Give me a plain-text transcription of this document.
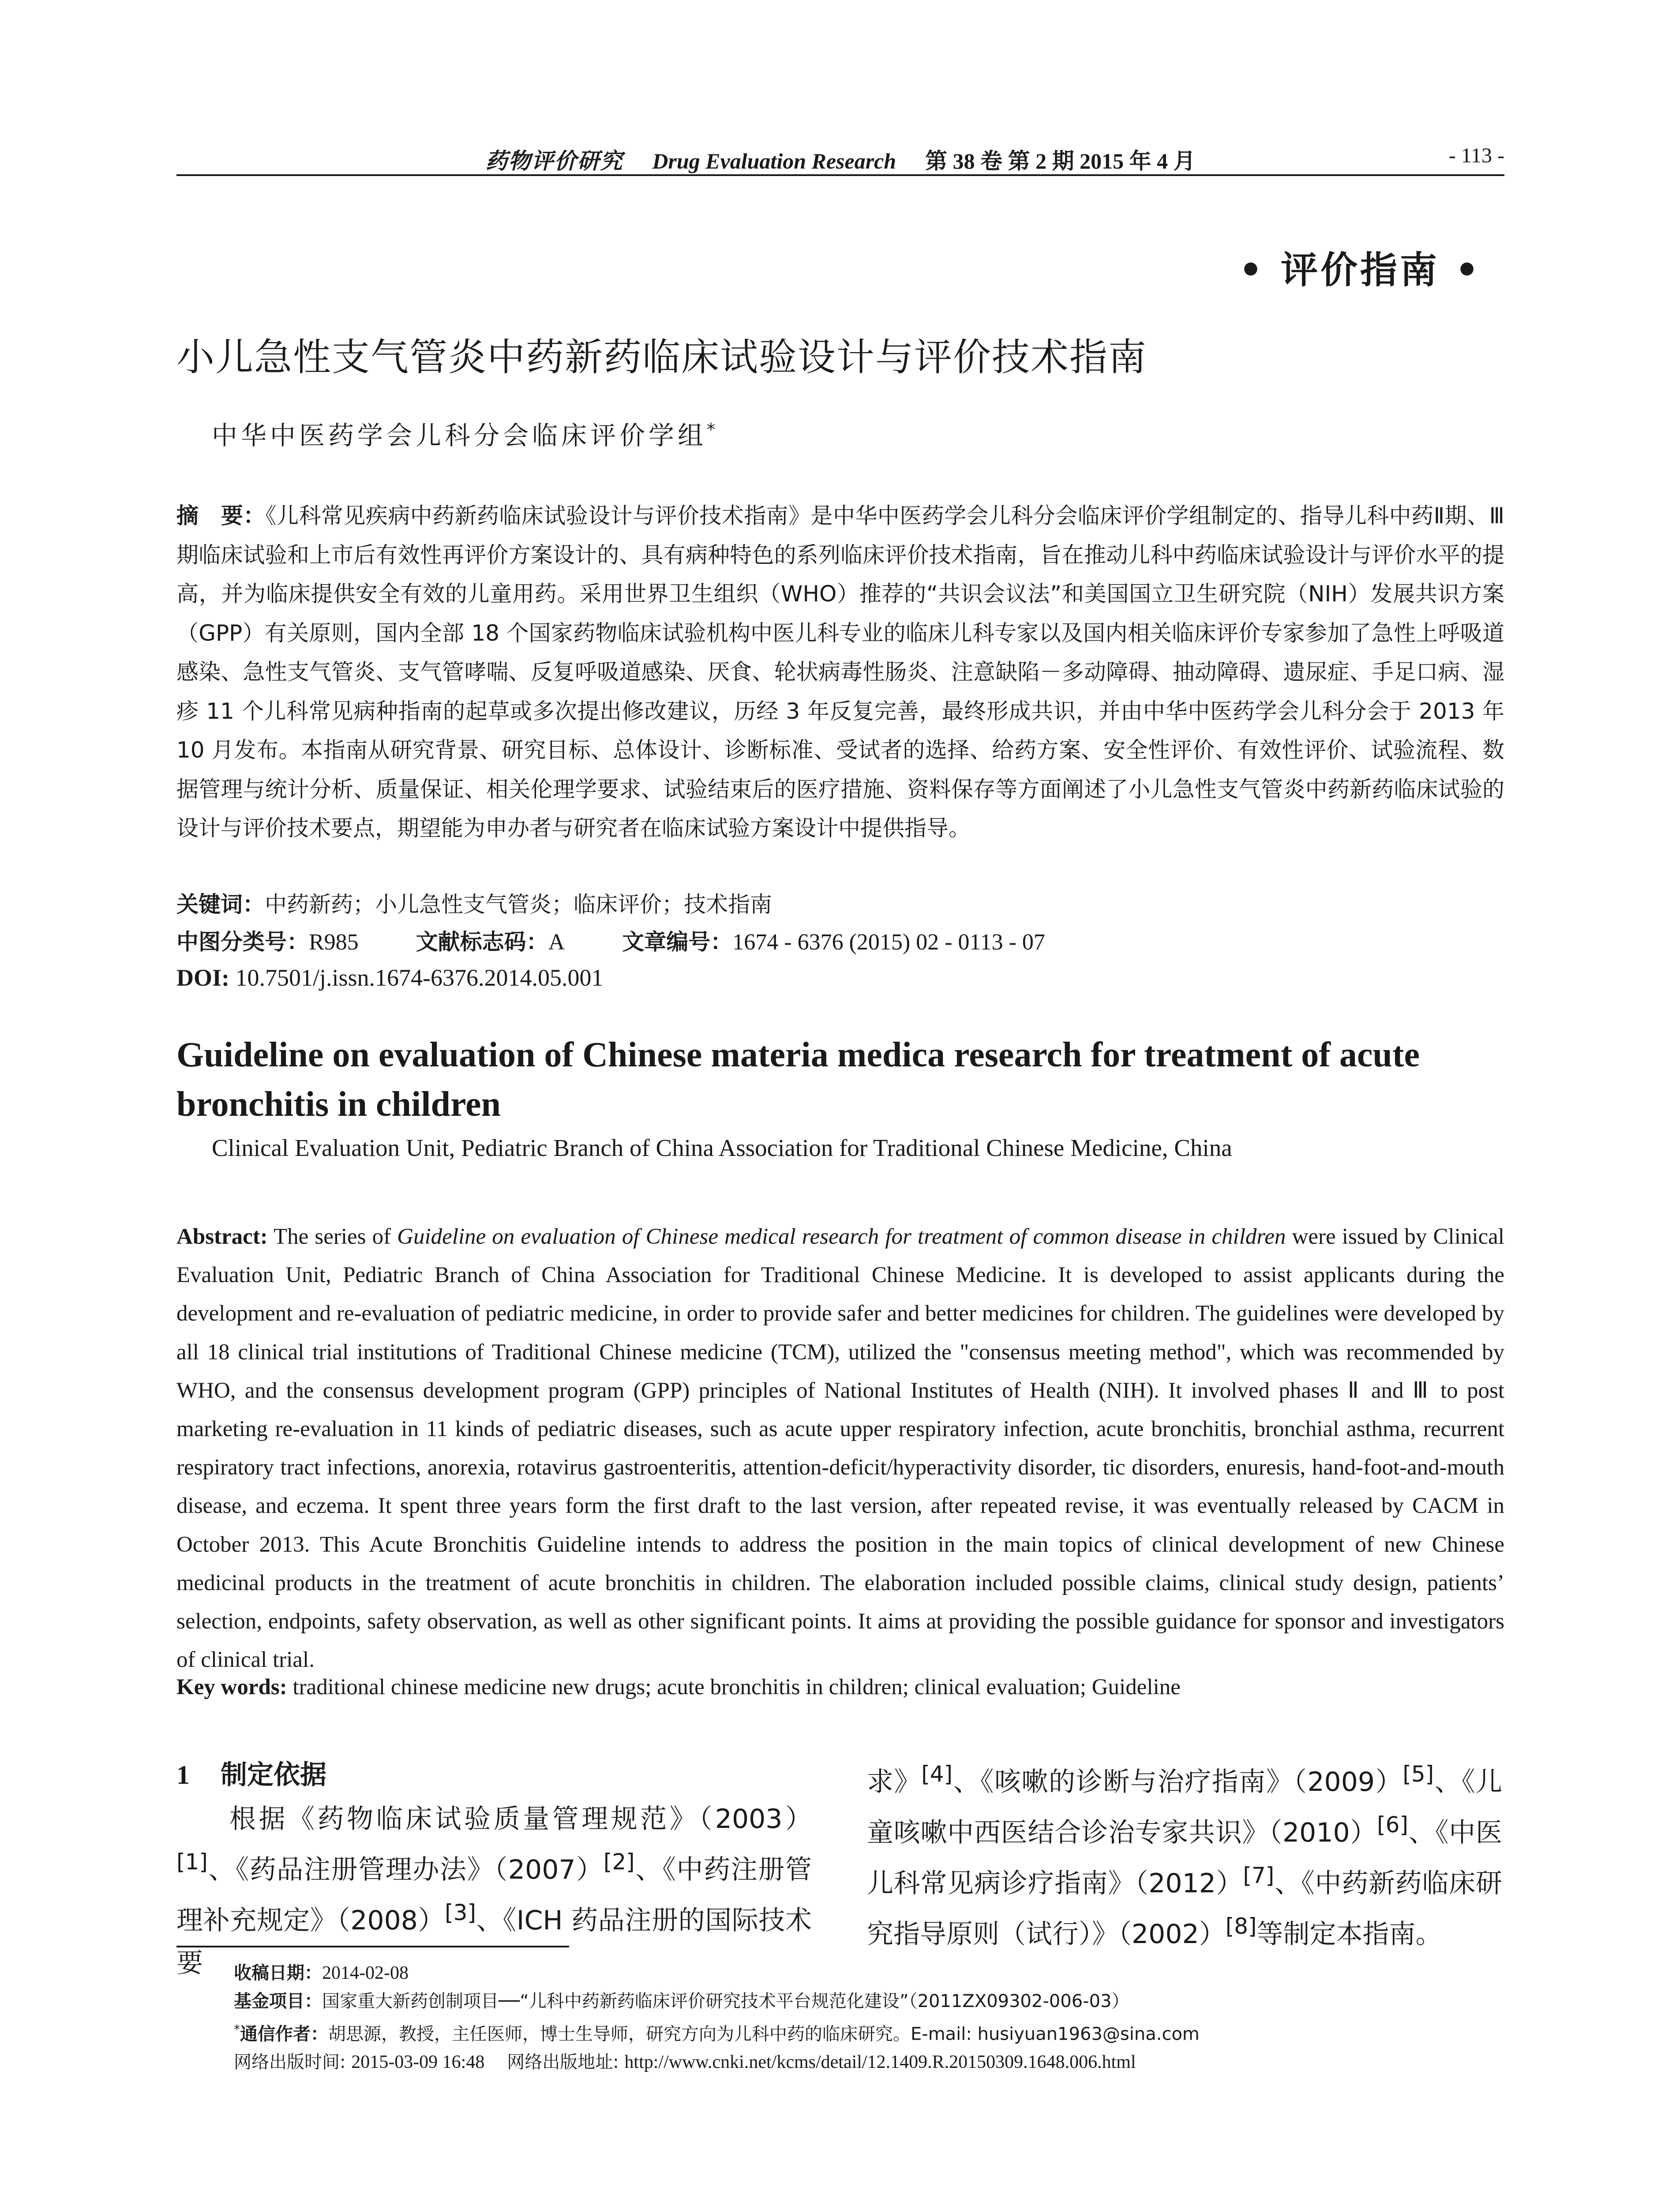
药物评价研究 Drug Evaluation Research 第 38 卷 第 2 期 2015 年 4 月	- 113 -
• 评价指南 •
小儿急性支气管炎中药新药临床试验设计与评价技术指南
中华中医药学会儿科分会临床评价学组*
摘　要：《儿科常见疾病中药新药临床试验设计与评价技术指南》是中华中医药学会儿科分会临床评价学组制定的、指导儿科中药Ⅱ期、Ⅲ期临床试验和上市后有效性再评价方案设计的、具有病种特色的系列临床评价技术指南，旨在推动儿科中药临床试验设计与评价水平的提高，并为临床提供安全有效的儿童用药。采用世界卫生组织（WHO）推荐的“共识会议法”和美国国立卫生研究院（NIH）发展共识方案（GPP）有关原则，国内全部 18 个国家药物临床试验机构中医儿科专业的临床儿科专家以及国内相关临床评价专家参加了急性上呼吸道感染、急性支气管炎、支气管哮喘、反复呼吸道感染、厌食、轮状病毒性肠炎、注意缺陷－多动障碍、抽动障碍、遗尿症、手足口病、湿疹 11 个儿科常见病种指南的起草或多次提出修改建议，历经 3 年反复完善，最终形成共识，并由中华中医药学会儿科分会于 2013 年 10 月发布。本指南从研究背景、研究目标、总体设计、诊断标准、受试者的选择、给药方案、安全性评价、有效性评价、试验流程、数据管理与统计分析、质量保证、相关伦理学要求、试验结束后的医疗措施、资料保存等方面阐述了小儿急性支气管炎中药新药临床试验的设计与评价技术要点，期望能为申办者与研究者在临床试验方案设计中提供指导。
关键词：中药新药；小儿急性支气管炎；临床评价；技术指南
中图分类号：R985	文献标志码：A	文章编号：1674 - 6376 (2015) 02 - 0113 - 07
DOI: 10.7501/j.issn.1674-6376.2014.05.001
Guideline on evaluation of Chinese materia medica research for treatment of acute bronchitis in children
Clinical Evaluation Unit, Pediatric Branch of China Association for Traditional Chinese Medicine, China
Abstract: The series of Guideline on evaluation of Chinese medical research for treatment of common disease in children were issued by Clinical Evaluation Unit, Pediatric Branch of China Association for Traditional Chinese Medicine. It is developed to assist applicants during the development and re-evaluation of pediatric medicine, in order to provide safer and better medicines for children. The guidelines were developed by all 18 clinical trial institutions of Traditional Chinese medicine (TCM), utilized the "consensus meeting method", which was recommended by WHO, and the consensus development program (GPP) principles of National Institutes of Health (NIH). It involved phases Ⅱ and Ⅲ to post marketing re-evaluation in 11 kinds of pediatric diseases, such as acute upper respiratory infection, acute bronchitis, bronchial asthma, recurrent respiratory tract infections, anorexia, rotavirus gastroenteritis, attention-deficit/hyperactivity disorder, tic disorders, enuresis, hand-foot-and-mouth disease, and eczema. It spent three years form the first draft to the last version, after repeated revise, it was eventually released by CACM in October 2013. This Acute Bronchitis Guideline intends to address the position in the main topics of clinical development of new Chinese medicinal products in the treatment of acute bronchitis in children. The elaboration included possible claims, clinical study design, patients’ selection, endpoints, safety observation, as well as other significant points. It aims at providing the possible guidance for sponsor and investigators of clinical trial.
Key words: traditional chinese medicine new drugs; acute bronchitis in children; clinical evaluation; Guideline
1 制定依据
根据《药物临床试验质量管理规范》（2003）[1]、《药品注册管理办法》（2007）[2]、《中药注册管理补充规定》（2008）[3]、《ICH 药品注册的国际技术要
求》[4]、《咳嗽的诊断与治疗指南》（2009）[5]、《儿童咳嗽中西医结合诊治专家共识》（2010）[6]、《中医儿科常见病诊疗指南》（2012）[7]、《中药新药临床研究指导原则（试行）》（2002）[8]等制定本指南。
收稿日期：2014-02-08
基金项目：国家重大新药创制项目──“儿科中药新药临床评价研究技术平台规范化建设”（2011ZX09302-006-03）
*通信作者：胡思源，教授，主任医师，博士生导师，研究方向为儿科中药的临床研究。E-mail: husiyuan1963@sina.com
网络出版时间: 2015-03-09 16:48 网络出版地址: http://www.cnki.net/kcms/detail/12.1409.R.20150309.1648.006.html
